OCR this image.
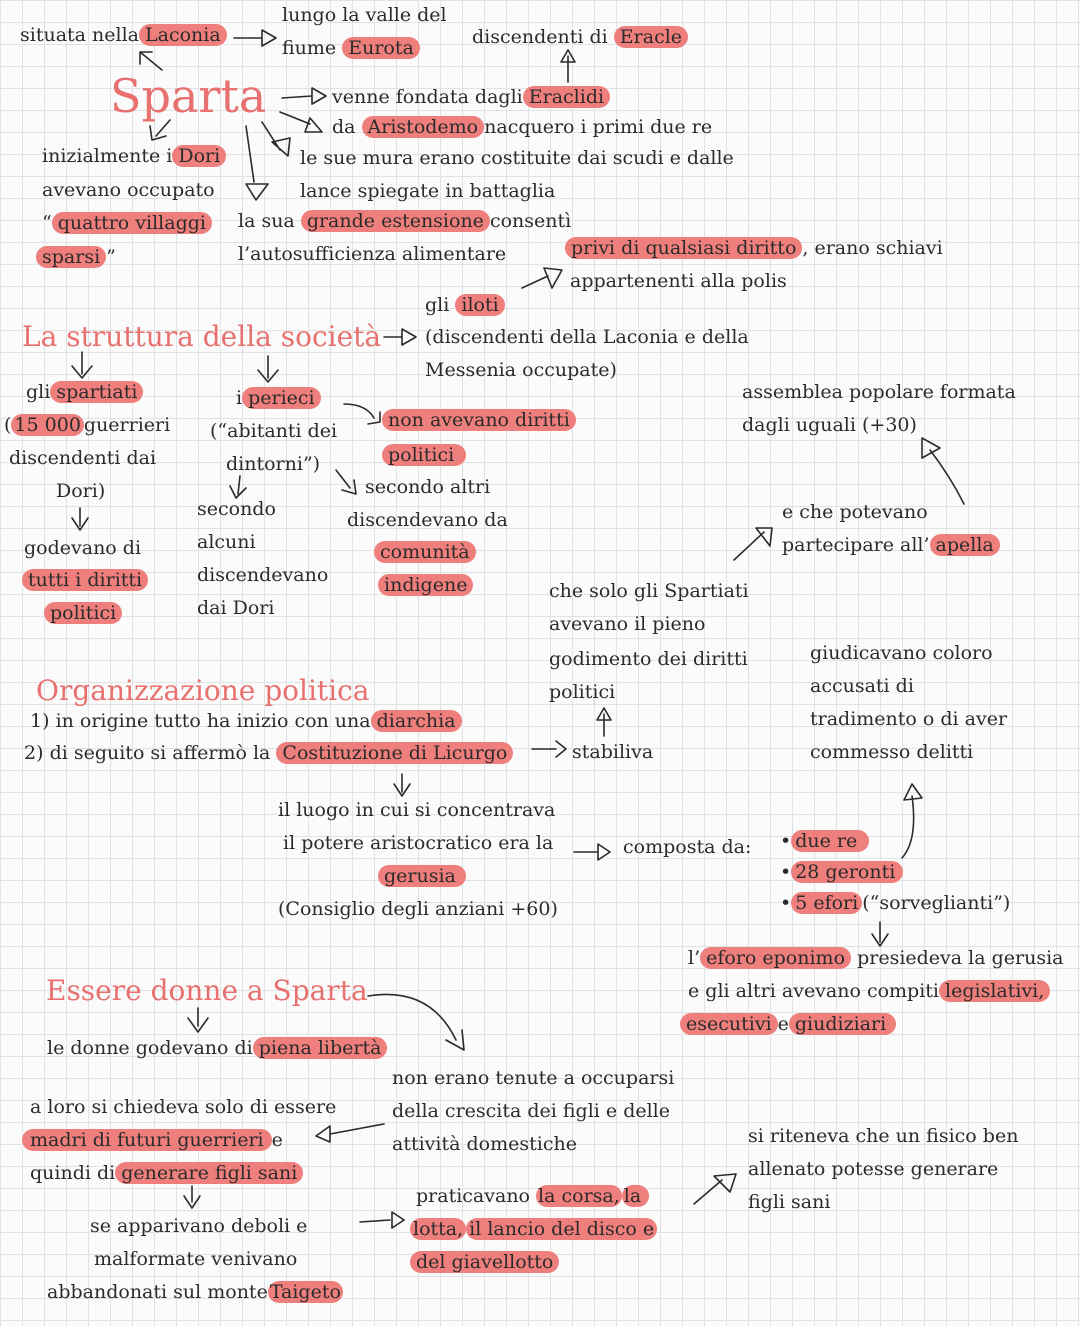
situata nella Laconia
lungo la valle del
fiume Eurota	discendenti di Eracle
Sparta	venne fondata dagli Eraclidi
da Aristodemo nacquero i primi due re
le sue mura erano costituite dai scudi e dalle
lance spiegate in battaglia
inizialmente i Dori
avevano occupato
“ quattro villaggi
sparsi ”
la sua grande estensione consentì
l’autosufficienza alimentare	privi di qualsiasi diritto , erano schiavi
appartenenti alla polis
gli iloti
La struttura della società (discendenti della Laconia e della
Messenia occupate)
gli spartiati
( 15 000 guerrieri
discendenti dai
Dori)
godevano di
tutti i diritti
politici
i perieci
(“abitanti dei
dintorni”)
secondo
alcuni
discendevano
dai Dori
non avevano diritti
politici
secondo altri
discendevano da
comunità
indigene
assemblea popolare formata
dagli uguali (+30)
e che potevano
partecipare all’ apella
che solo gli Spartiati
avevano il pieno
godimento dei diritti
politici
giudicavano coloro
accusati di
tradimento o di aver
commesso delitti
Organizzazione politica
1) in origine tutto ha inizio con una diarchia
2) di seguito si affermò la Costituzione di Licurgo	stabiliva
il luogo in cui si concentrava
il potere aristocratico era la
gerusia
(Consiglio degli anziani +60)
composta da: • due re
• 28 geronti
• 5 efori (“sorveglianti”)
l’ eforo eponimo presiedeva la gerusia
e gli altri avevano compiti legislativi,
esecutivi e giudiziari
Essere donne a Sparta
le donne godevano di piena libertà
non erano tenute a occuparsi
della crescita dei figli e delle
attività domestiche
a loro si chiedeva solo di essere
madri di futuri guerrieri e
quindi di generare figli sani
se apparivano deboli e
malformate venivano
abbandonati sul monte Taigeto
praticavano la corsa, la
lotta, il lancio del disco e
del giavellotto
si riteneva che un fisico ben
allenato potesse generare
figli sani
